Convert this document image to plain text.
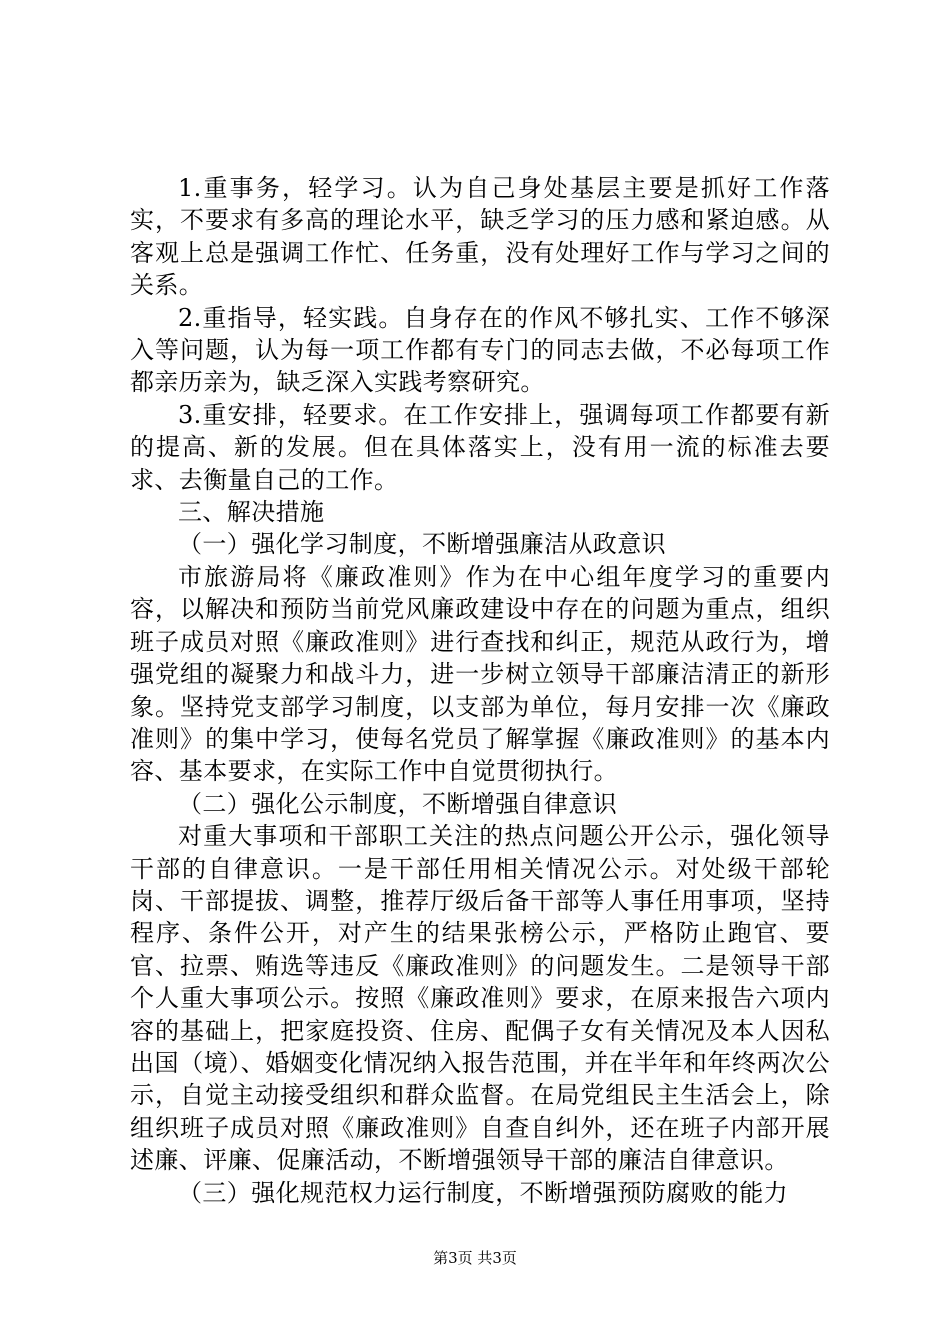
1.重事务，轻学习。认为自己身处基层主要是抓好工作落实，不要求有多高的理论水平，缺乏学习的压力感和紧迫感。从客观上总是强调工作忙、任务重，没有处理好工作与学习之间的关系。

2.重指导，轻实践。自身存在的作风不够扎实、工作不够深入等问题，认为每一项工作都有专门的同志去做，不必每项工作都亲历亲为，缺乏深入实践考察研究。

3.重安排，轻要求。在工作安排上，强调每项工作都要有新的提高、新的发展。但在具体落实上，没有用一流的标准去要求、去衡量自己的工作。

三、解决措施

（一）强化学习制度，不断增强廉洁从政意识

市旅游局将《廉政准则》作为在中心组年度学习的重要内容，以解决和预防当前党风廉政建设中存在的问题为重点，组织班子成员对照《廉政准则》进行查找和纠正，规范从政行为，增强党组的凝聚力和战斗力，进一步树立领导干部廉洁清正的新形象。坚持党支部学习制度，以支部为单位，每月安排一次《廉政准则》的集中学习，使每名党员了解掌握《廉政准则》的基本内容、基本要求，在实际工作中自觉贯彻执行。

（二）强化公示制度，不断增强自律意识

对重大事项和干部职工关注的热点问题公开公示，强化领导干部的自律意识。一是干部任用相关情况公示。对处级干部轮岗、干部提拔、调整，推荐厅级后备干部等人事任用事项，坚持程序、条件公开，对产生的结果张榜公示，严格防止跑官、要官、拉票、贿选等违反《廉政准则》的问题发生。二是领导干部个人重大事项公示。按照《廉政准则》要求，在原来报告六项内容的基础上，把家庭投资、住房、配偶子女有关情况及本人因私出国（境）、婚姻变化情况纳入报告范围，并在半年和年终两次公示，自觉主动接受组织和群众监督。在局党组民主生活会上，除组织班子成员对照《廉政准则》自查自纠外，还在班子内部开展述廉、评廉、促廉活动，不断增强领导干部的廉洁自律意识。

（三）强化规范权力运行制度，不断增强预防腐败的能力

第3页 共3页
